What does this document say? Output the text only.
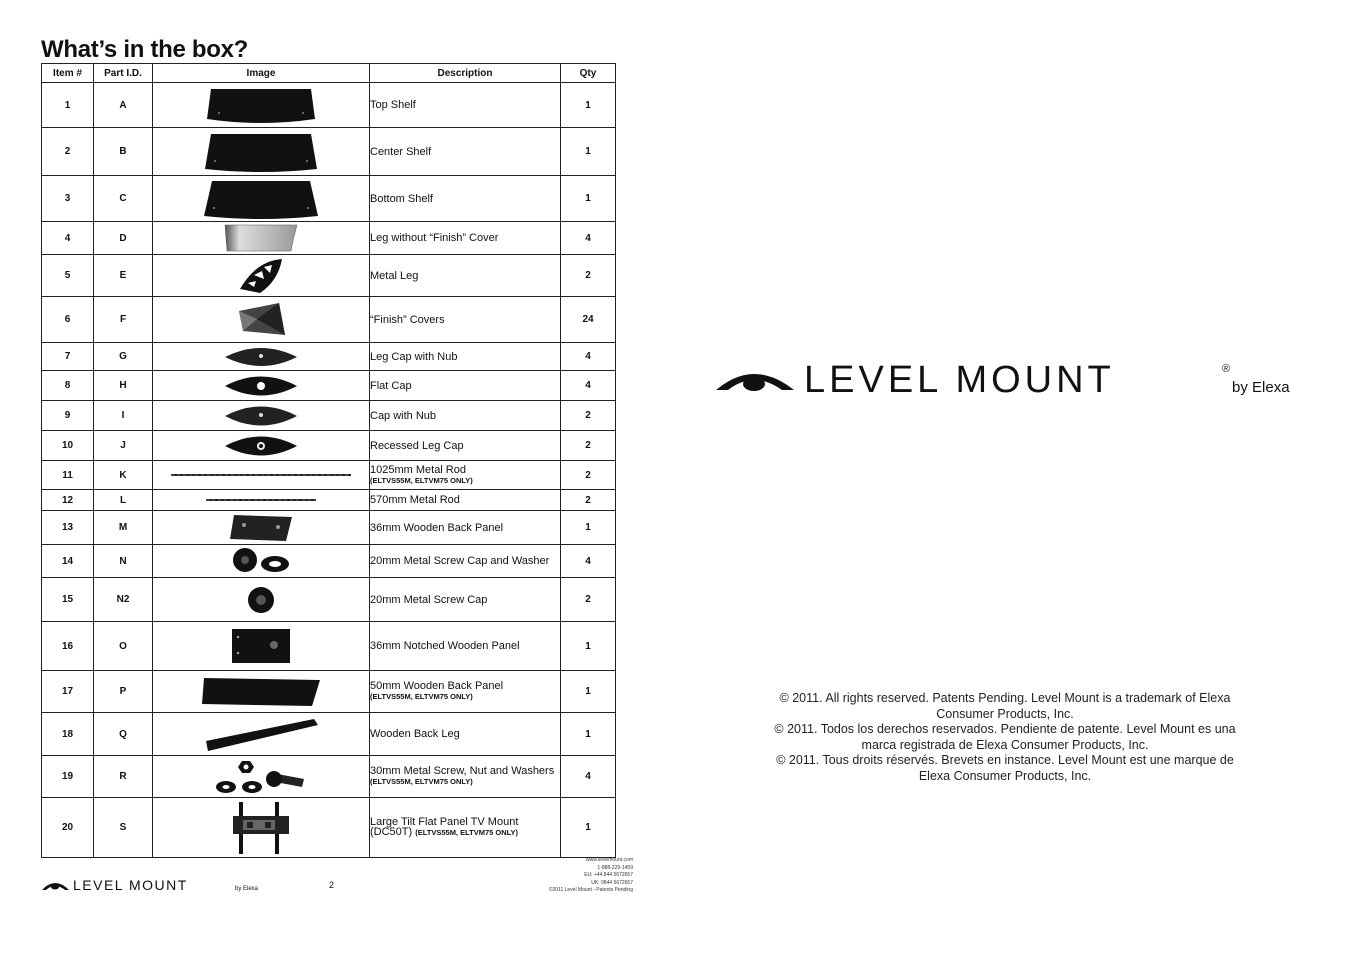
What’s in the box?
Item #	Part I.D.	Image	Description	Qty
1	A		Top Shelf	1
2	B		Center Shelf	1
3	C		Bottom Shelf	1
4	D		Leg without “Finish” Cover	4
5	E		Metal Leg	2
6	F		“Finish” Covers	24
7	G		Leg Cap with Nub	4
8	H		Flat Cap	4
9	I		Cap with Nub	2
10	J		Recessed Leg Cap	2
11	K		1025mm Metal Rod
(ELTVS55M, ELTVM75 ONLY)	2
12	L		570mm Metal Rod	2
13	M		36mm Wooden Back Panel	1
14	N		20mm Metal Screw Cap and Washer	4
15	N2		20mm Metal Screw Cap	2
16	O		36mm Notched Wooden Panel	1
17	P		50mm Wooden Back Panel
(ELTVS55M, ELTVM75 ONLY)	1
18	Q		Wooden Back Leg	1
19	R		30mm Metal Screw, Nut and Washers (ELTVS55M, ELTVM75 ONLY)	4
20	S		Large Tilt Flat Panel TV Mount (DC50T) (ELTVS55M, ELTVM75 ONLY)	1
LEVEL MOUNT	®
by Elexa
© 2011. All rights reserved. Patents Pending. Level Mount is a trademark of Elexa Consumer Products, Inc.
© 2011. Todos los derechos reservados. Pendiente de patente. Level Mount es una marca registrada de Elexa Consumer Products, Inc.
© 2011. Tous droits réservés. Brevets en instance. Level Mount est une marque de Elexa Consumer Products, Inc.
LEVEL MOUNT	by Elexa	2
www.levelmount.com
1-888-229-1459
EU: +44 844 5672657
UK: 0844 5672657
©2011 Level Mount - Patents Pending
